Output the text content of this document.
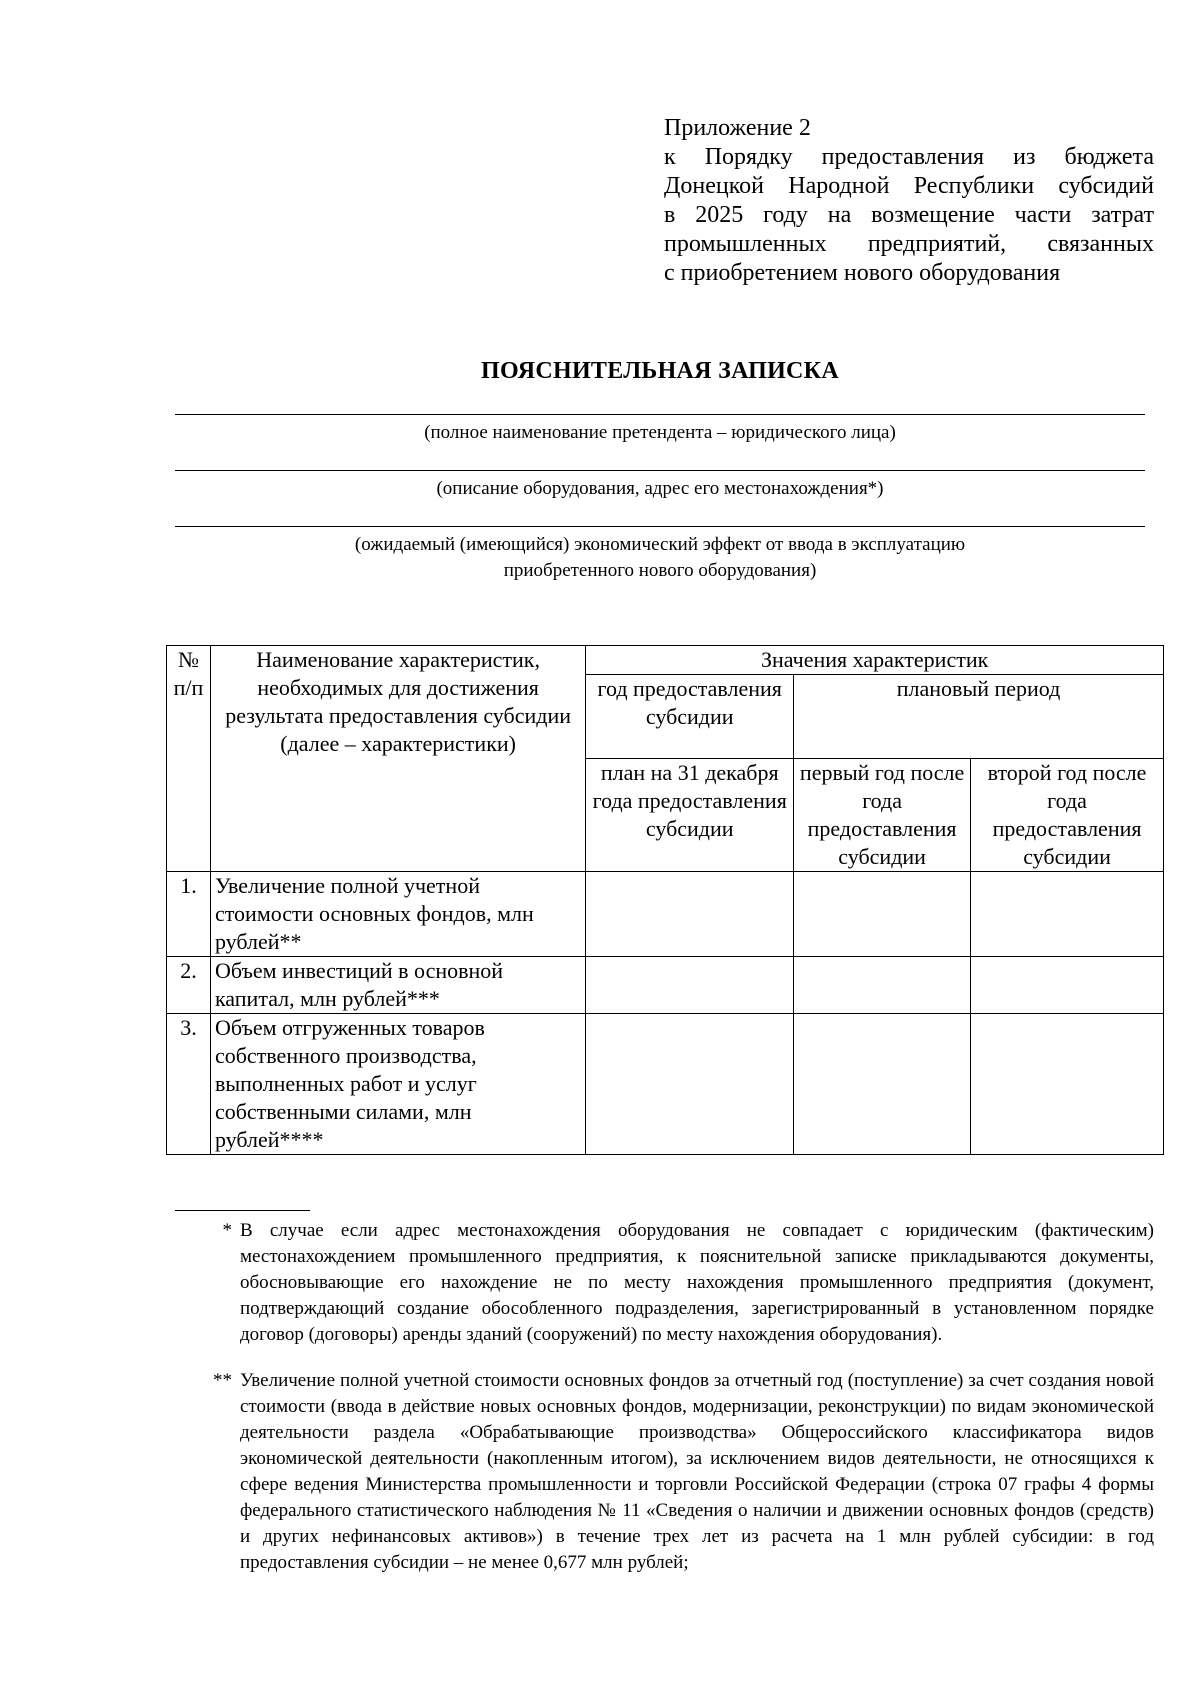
Приложение 2
к Порядку предоставления из бюджета
Донецкой Народной Республики субсидий
в 2025 году на возмещение части затрат
промышленных предприятий, связанных
с приобретением нового оборудования
ПОЯСНИТЕЛЬНАЯ ЗАПИСКА
(полное наименование претендента – юридического лица)
(описание оборудования, адрес его местонахождения*)
(ожидаемый (имеющийся) экономический эффект от ввода в эксплуатацию
приобретенного нового оборудования)
№ п/п	Наименование характеристик, необходимых для достижения результата предоставления субсидии (далее – характеристики)	Значения характеристик		
		год предоставления субсидии	плановый период	
		план на 31 декабря года предоставления субсидии	первый год после года предоставления субсидии	второй год после года предоставления субсидии
1.	Увеличение полной учетной стоимости основных фондов, млн рублей**			
2.	Объем инвестиций в основной капитал, млн рублей***			
3.	Объем отгруженных товаров собственного производства, выполненных работ и услуг собственными силами, млн рублей****			
* В случае если адрес местонахождения оборудования не совпадает с юридическим (фактическим) местонахождением промышленного предприятия, к пояснительной записке прикладываются документы, обосновывающие его нахождение не по месту нахождения промышленного предприятия (документ, подтверждающий создание обособленного подразделения, зарегистрированный в установленном порядке договор (договоры) аренды зданий (сооружений) по месту нахождения оборудования).
** Увеличение полной учетной стоимости основных фондов за отчетный год (поступление) за счет создания новой стоимости (ввода в действие новых основных фондов, модернизации, реконструкции) по видам экономической деятельности раздела «Обрабатывающие производства» Общероссийского классификатора видов экономической деятельности (накопленным итогом), за исключением видов деятельности, не относящихся к сфере ведения Министерства промышленности и торговли Российской Федерации (строка 07 графы 4 формы федерального статистического наблюдения № 11 «Сведения о наличии и движении основных фондов (средств) и других нефинансовых активов») в течение трех лет из расчета на 1 млн рублей субсидии: в год предоставления субсидии – не менее 0,677 млн рублей;
